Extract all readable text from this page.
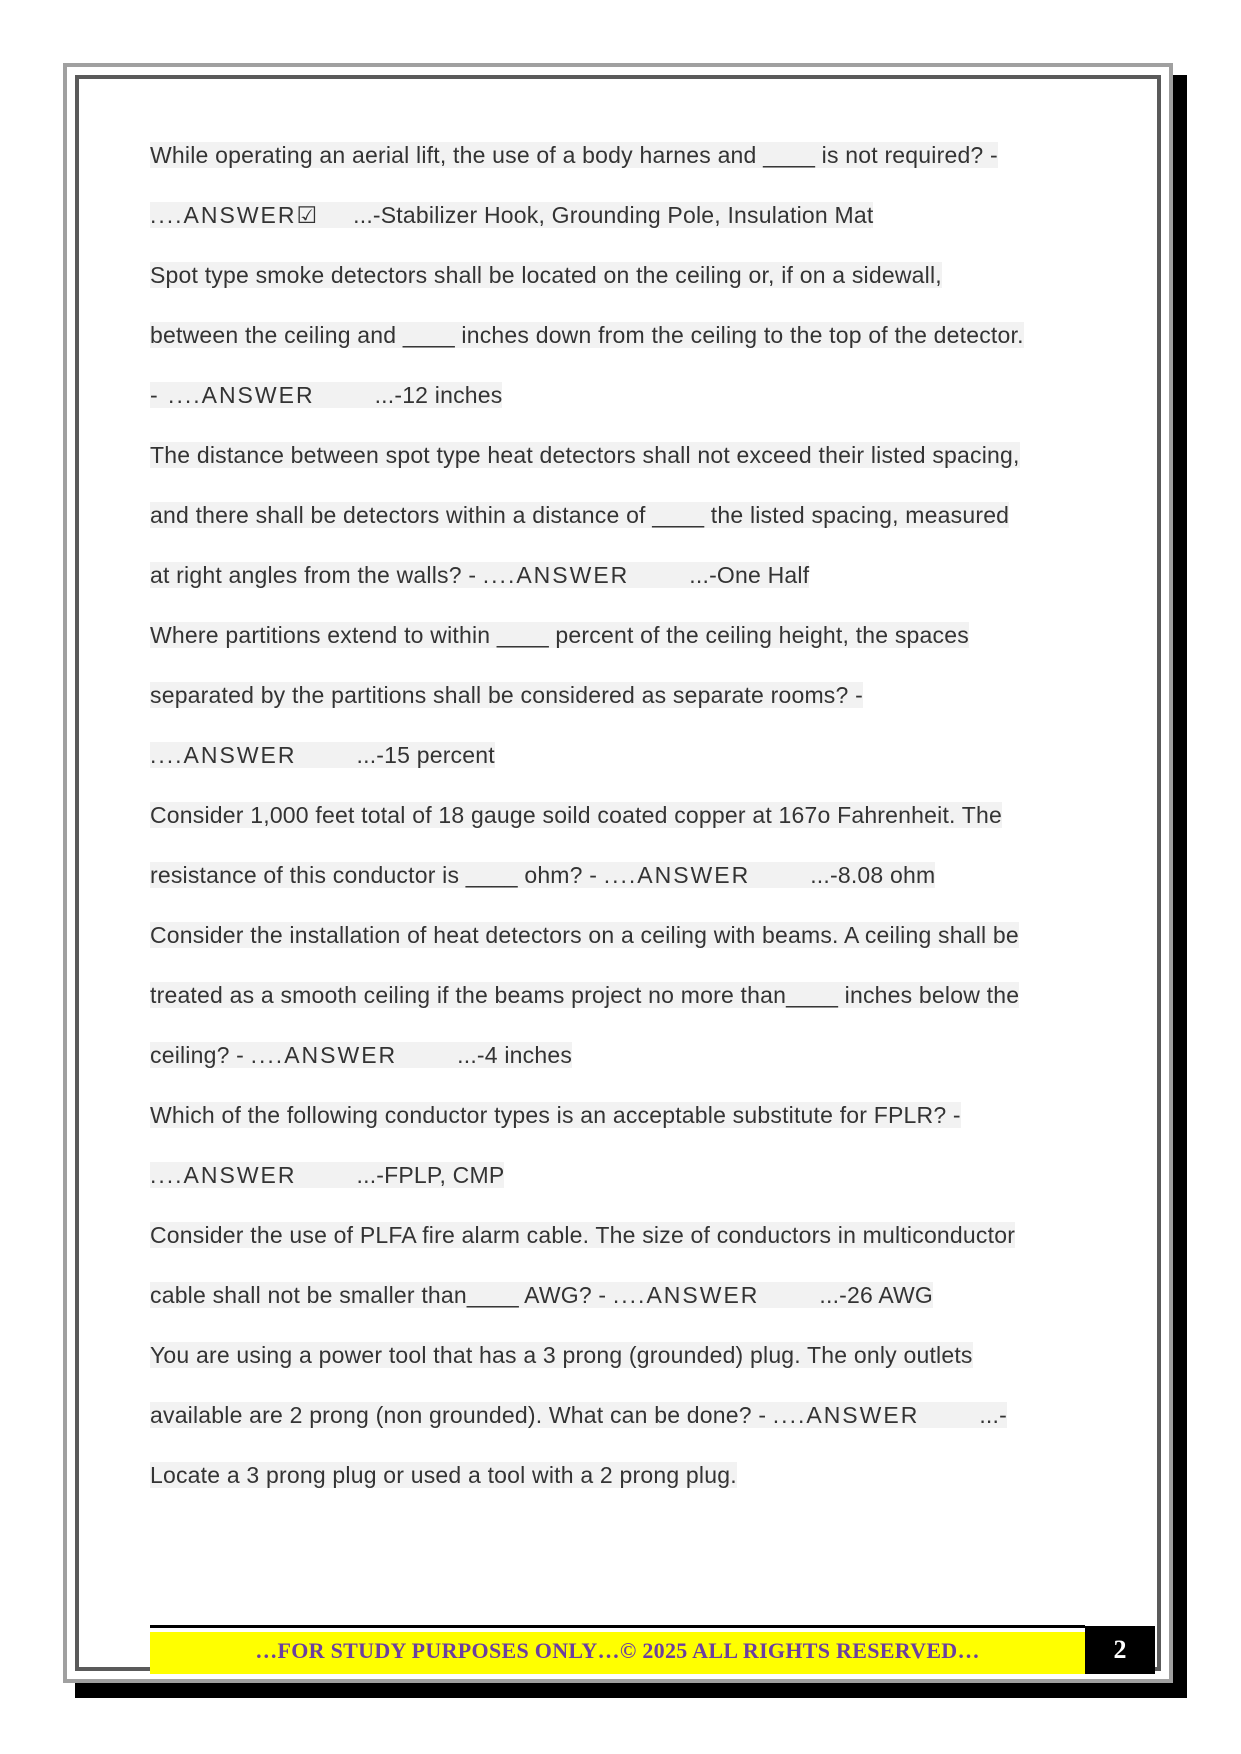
While operating an aerial lift, the use of a body harnes and ____ is not required? -
....ANSWER☑ ...-Stabilizer Hook, Grounding Pole, Insulation Mat
Spot type smoke detectors shall be located on the ceiling or, if on a sidewall,
between the ceiling and ____ inches down from the ceiling to the top of the detector.
- ....ANSWER	...-12 inches
The distance between spot type heat detectors shall not exceed their listed spacing,
and there shall be detectors within a distance of ____ the listed spacing, measured
at right angles from the walls? - ....ANSWER	...-One Half
Where partitions extend to within ____ percent of the ceiling height, the spaces
separated by the partitions shall be considered as separate rooms? -
....ANSWER	...-15 percent
Consider 1,000 feet total of 18 gauge soild coated copper at 167o Fahrenheit. The
resistance of this conductor is ____ ohm? - ....ANSWER	...-8.08 ohm
Consider the installation of heat detectors on a ceiling with beams. A ceiling shall be
treated as a smooth ceiling if the beams project no more than____ inches below the
ceiling? - ....ANSWER	...-4 inches
Which of the following conductor types is an acceptable substitute for FPLR? -
....ANSWER	...-FPLP, CMP
Consider the use of PLFA fire alarm cable. The size of conductors in multiconductor
cable shall not be smaller than____ AWG? - ....ANSWER	...-26 AWG
You are using a power tool that has a 3 prong (grounded) plug. The only outlets
available are 2 prong (non grounded). What can be done? - ....ANSWER	...-
Locate a 3 prong plug or used a tool with a 2 prong plug.
…FOR STUDY PURPOSES ONLY…© 2025 ALL RIGHTS RESERVED…	2
